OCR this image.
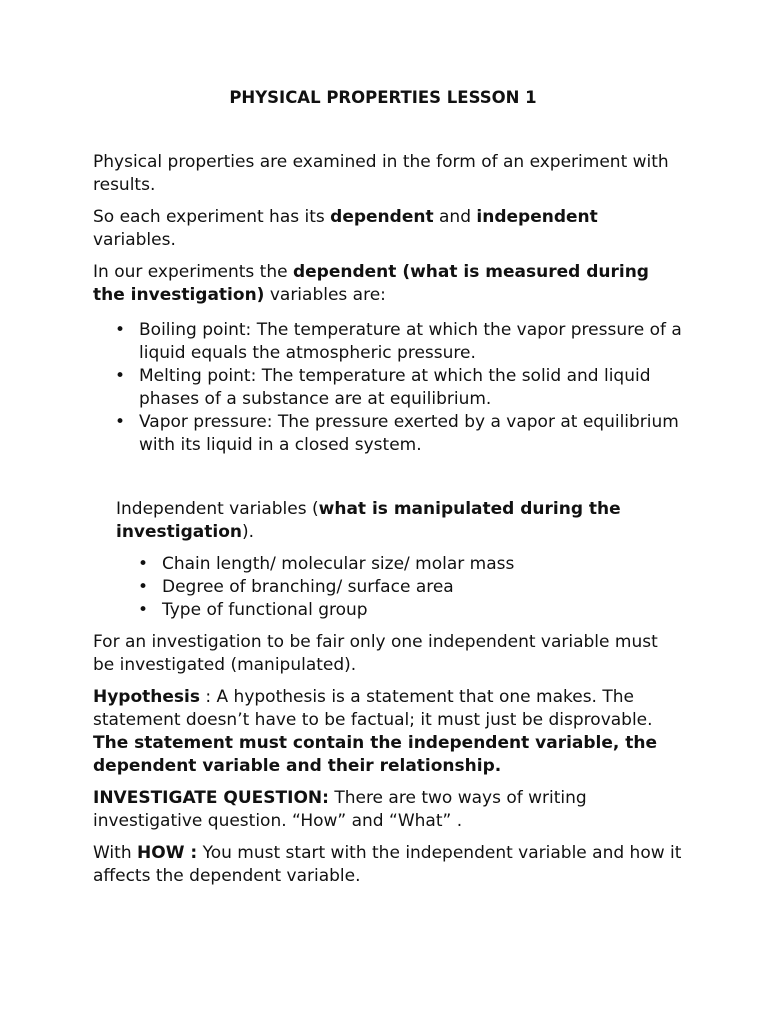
PHYSICAL PROPERTIES LESSON 1

Physical properties are examined in the form of an experiment with results.

So each experiment has its dependent and independent variables.

In our experiments the dependent (what is measured during the investigation) variables are:

• Boiling point: The temperature at which the vapor pressure of a liquid equals the atmospheric pressure.
• Melting point: The temperature at which the solid and liquid phases of a substance are at equilibrium.
• Vapor pressure: The pressure exerted by a vapor at equilibrium with its liquid in a closed system.

Independent variables (what is manipulated during the investigation).

• Chain length/ molecular size/ molar mass
• Degree of branching/ surface area
• Type of functional group

For an investigation to be fair only one independent variable must be investigated (manipulated).

Hypothesis : A hypothesis is a statement that one makes. The statement doesn’t have to be factual; it must just be disprovable. The statement must contain the independent variable, the dependent variable and their relationship.

INVESTIGATE QUESTION: There are two ways of writing investigative question. “How” and “What” .

With HOW : You must start with the independent variable and how it affects the dependent variable.
